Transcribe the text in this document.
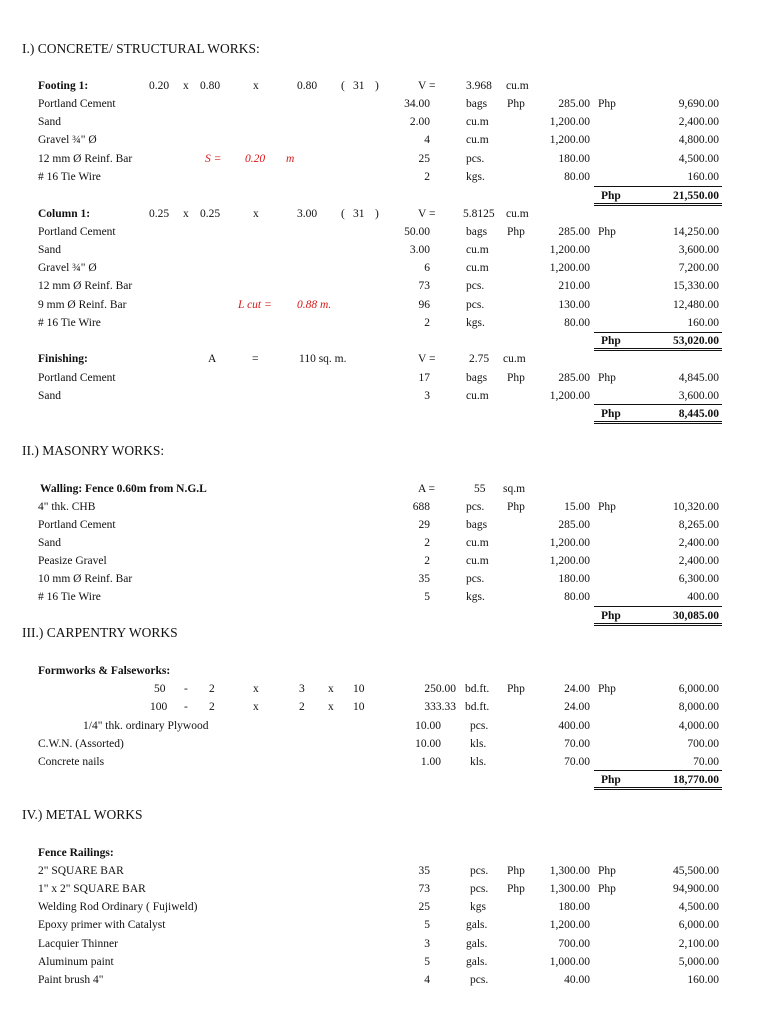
I.) CONCRETE/ STRUCTURAL WORKS:
Footing 1:	0.20 x 0.80	x	0.80 ( 31 )	V =	3.968 cu.m
Portland Cement	34.00	bags Php	285.00 Php	9,690.00
Sand	2.00	cu.m	1,200.00	2,400.00
Gravel ¾" Ø	4	cu.m	1,200.00	4,800.00
12 mm Ø Reinf. Bar	S = 0.20 m	25	pcs.	180.00	4,500.00
# 16 Tie Wire	2	kgs.	80.00	160.00
Php	21,550.00
Column 1:	0.25 x 0.25	x	3.00 ( 31 )	V = 5.8125 cu.m
Portland Cement	50.00	bags Php	285.00 Php	14,250.00
Sand	3.00	cu.m	1,200.00	3,600.00
Gravel ¾" Ø	6	cu.m	1,200.00	7,200.00
12 mm Ø Reinf. Bar	73	pcs.	210.00	15,330.00
9 mm Ø Reinf. Bar	L cut = 0.88 m.	96	pcs.	130.00	12,480.00
# 16 Tie Wire	2	kgs.	80.00	160.00
Php	53,020.00
Finishing:	A	=	110 sq. m.	V =	2.75 cu.m
Portland Cement	17	bags Php	285.00 Php	4,845.00
Sand	3	cu.m	1,200.00	3,600.00
Php	8,445.00
II.) MASONRY WORKS:
Walling: Fence 0.60m from N.G.L	A =	55 sq.m
4" thk. CHB	688	pcs. Php	15.00 Php	10,320.00
Portland Cement	29	bags	285.00	8,265.00
Sand	2	cu.m	1,200.00	2,400.00
Peasize Gravel	2	cu.m	1,200.00	2,400.00
10 mm Ø Reinf. Bar	35	pcs.	180.00	6,300.00
# 16 Tie Wire	5	kgs.	80.00	400.00
Php	30,085.00
III.) CARPENTRY WORKS
Formworks & Falseworks:
50 - 2	x	3 x 10	250.00 bd.ft. Php	24.00 Php	6,000.00
100 - 2	x	2 x 10	333.33 bd.ft.	24.00	8,000.00
1/4" thk. ordinary Plywood	10.00	pcs.	400.00	4,000.00
C.W.N. (Assorted)	10.00	kls.	70.00	700.00
Concrete nails	1.00	kls.	70.00	70.00
Php	18,770.00
IV.) METAL WORKS
Fence Railings:
2" SQUARE BAR	35	pcs. Php	1,300.00 Php	45,500.00
1" x 2" SQUARE BAR	73	pcs. Php	1,300.00 Php	94,900.00
Welding Rod Ordinary ( Fujiweld)	25	kgs	180.00	4,500.00
Epoxy primer with Catalyst	5	gals.	1,200.00	6,000.00
Lacquier Thinner	3	gals.	700.00	2,100.00
Aluminum paint	5	gals.	1,000.00	5,000.00
Paint brush 4"	4	pcs.	40.00	160.00
